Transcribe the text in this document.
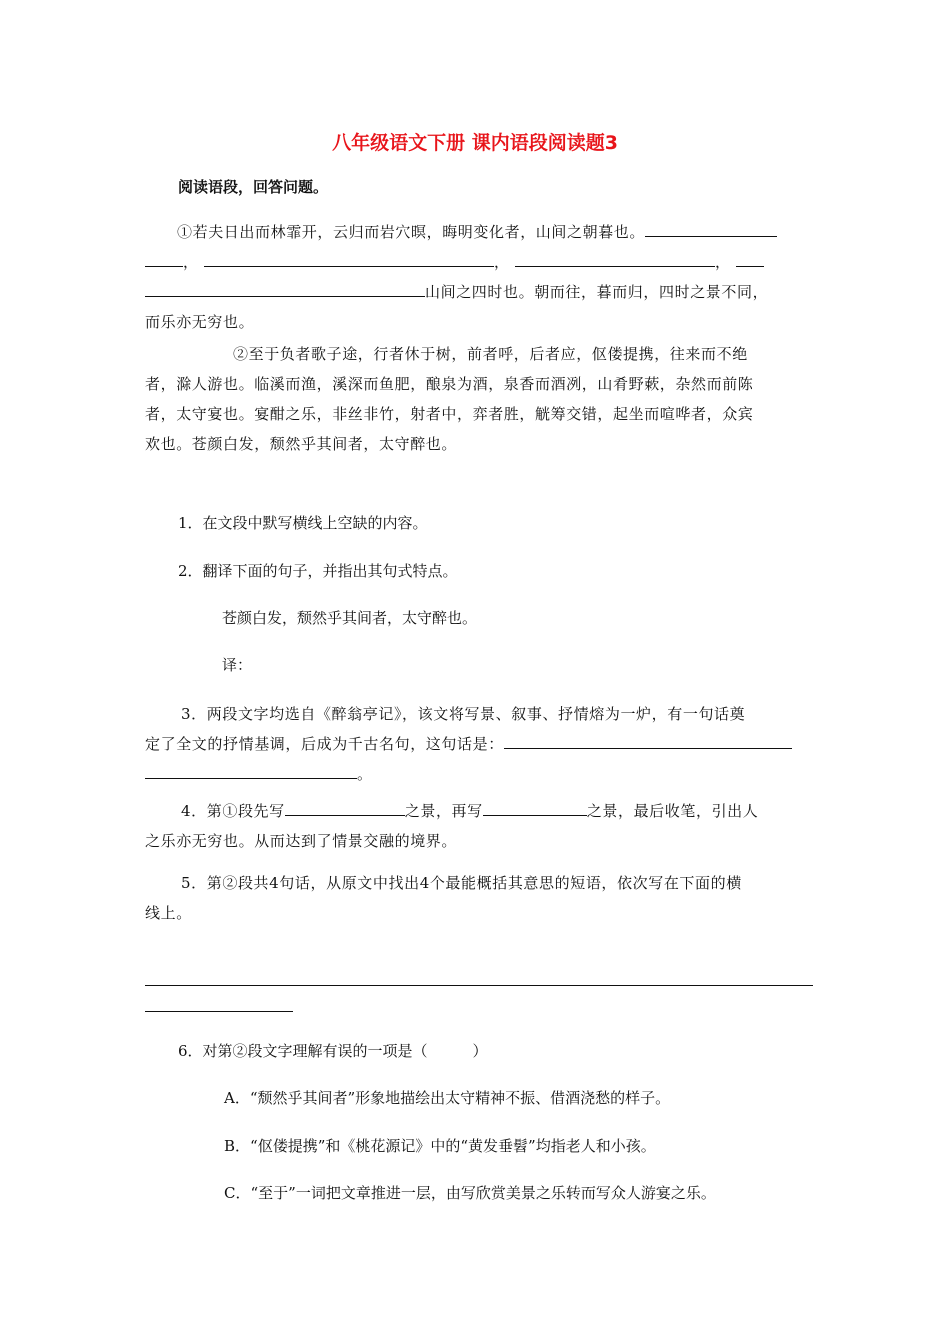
八年级语文下册 课内语段阅读题3
阅读语段，回答问题。
①若夫日出而林霏开，云归而岩穴暝，晦明变化者，山间之朝暮也。
，	，	，
山间之四时也。朝而往，暮而归，四时之景不同，
而乐亦无穷也。
②至于负者歌子途，行者休于树，前者呼，后者应，伛偻提携，往来而不绝
者，滁人游也。临溪而渔，溪深而鱼肥，酿泉为酒，泉香而酒冽，山肴野蔌，杂然而前陈
者，太守宴也。宴酣之乐，非丝非竹，射者中，弈者胜，觥筹交错，起坐而喧哗者，众宾
欢也。苍颜白发，颓然乎其间者，太守醉也。
1．在文段中默写横线上空缺的内容。
2．翻译下面的句子，并指出其句式特点。
苍颜白发，颓然乎其间者，太守醉也。
译：
3．两段文字均选自《醉翁亭记》，该文将写景、叙事、抒情熔为一炉，有一句话奠
定了全文的抒情基调，后成为千古名句，这句话是：
。
4．第①段先写	之景，再写	之景，最后收笔，引出人
之乐亦无穷也。从而达到了情景交融的境界。
5．第②段共4句话，从原文中找出4个最能概括其意思的短语，依次写在下面的横
线上。
6．对第②段文字理解有误的一项是（　　　）
A．“颓然乎其间者”形象地描绘出太守精神不振、借酒浇愁的样子。
B．“伛偻提携”和《桃花源记》中的“黄发垂髫”均指老人和小孩。
C．“至于”一词把文章推进一层，由写欣赏美景之乐转而写众人游宴之乐。
